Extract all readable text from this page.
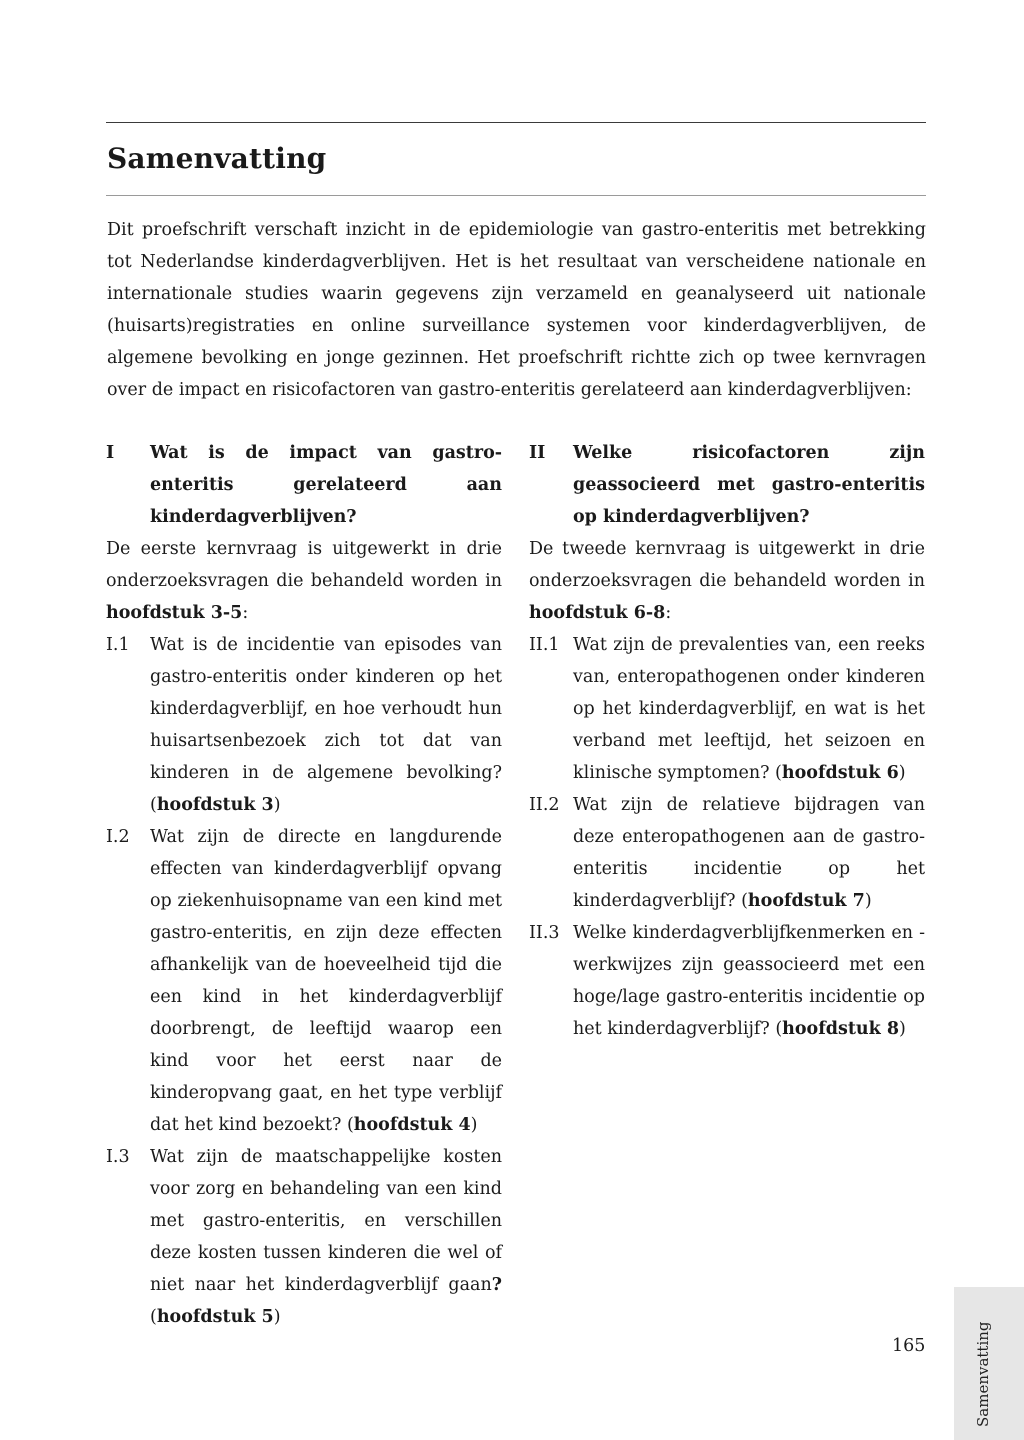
Samenvatting

Dit proefschrift verschaft inzicht in de epidemiologie van gastro-enteritis met betrekking tot Nederlandse kinderdagverblijven. Het is het resultaat van verscheidene nationale en internationale studies waarin gegevens zijn verzameld en geanalyseerd uit nationale (huisarts)registraties en online surveillance systemen voor kinderdagverblijven, de algemene bevolking en jonge gezinnen. Het proefschrift richtte zich op twee kernvragen over de impact en risicofactoren van gastro-enteritis gerelateerd aan kinderdagverblijven:

I	Wat is de impact van gastro-enteritis gerelateerd aan kinderdagverblijven?

De eerste kernvraag is uitgewerkt in drie onderzoeksvragen die behandeld worden in hoofdstuk 3-5:

I.1	Wat is de incidentie van episodes van gastro-enteritis onder kinderen op het kinderdagverblijf, en hoe verhoudt hun huisartsenbezoek zich tot dat van kinderen in de algemene bevolking? (hoofdstuk 3)
I.2	Wat zijn de directe en langdurende effecten van kinderdagverblijf opvang op ziekenhuisopname van een kind met gastro-enteritis, en zijn deze effecten afhankelijk van de hoeveelheid tijd die een kind in het kinderdagverblijf doorbrengt, de leeftijd waarop een kind voor het eerst naar de kinderopvang gaat, en het type verblijf dat het kind bezoekt? (hoofdstuk 4)
I.3	Wat zijn de maatschappelijke kosten voor zorg en behandeling van een kind met gastro-enteritis, en verschillen deze kosten tussen kinderen die wel of niet naar het kinderdagverblijf gaan? (hoofdstuk 5)
II	Welke risicofactoren zijn geassocieerd met gastro-enteritis op kinderdagverblijven?

De tweede kernvraag is uitgewerkt in drie onderzoeksvragen die behandeld worden in hoofdstuk 6-8:

II.1 Wat zijn de prevalenties van, een reeks van, enteropathogenen onder kinderen op het kinderdagverblijf, en wat is het verband met leeftijd, het seizoen en klinische symptomen? (hoofdstuk 6)
II.2 Wat zijn de relatieve bijdragen van deze enteropathogenen aan de gastro-enteritis incidentie op het kinderdagverblijf? (hoofdstuk 7)
II.3 Welke kinderdagverblijfkenmerken en -werkwijzes zijn geassocieerd met een hoge/lage gastro-enteritis incidentie op het kinderdagverblijf? (hoofdstuk 8)
165	Samenvatting
